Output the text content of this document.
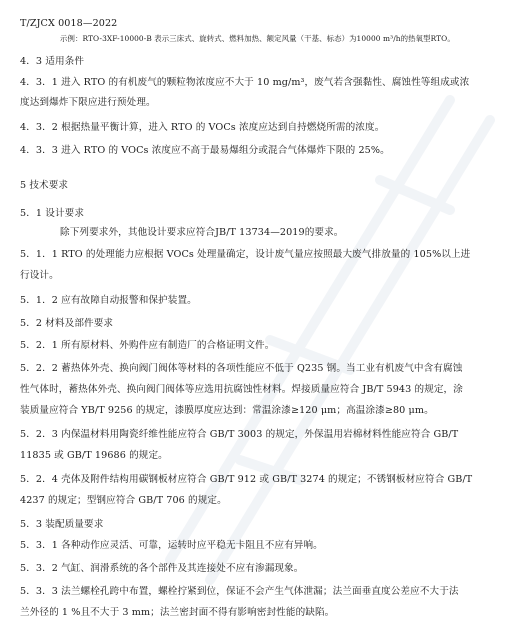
T/ZJCX 0018—2022
示例：RTO-3XF-10000-B 表示三床式、旋转式、燃料加热、额定风量（干基、标态）为10000 m³/h的热氧型RTO。
4．3 适用条件
4．3．1 进入 RTO 的有机废气的颗粒物浓度应不大于 10 mg/m³，废气若含强黏性、腐蚀性等组成或浓
度达到爆炸下限应进行预处理。
4．3．2 根据热量平衡计算，进入 RTO 的 VOCs 浓度应达到自持燃烧所需的浓度。
4．3．3 进入 RTO 的 VOCs 浓度应不高于最易爆组分或混合气体爆炸下限的 25%。
5 技术要求
5．1 设计要求
除下列要求外，其他设计要求应符合JB/T 13734—2019的要求。
5．1．1 RTO 的处理能力应根据 VOCs 处理量确定，设计废气量应按照最大废气排放量的 105%以上进
行设计。
5．1．2 应有故障自动报警和保护装置。
5．2 材料及部件要求
5．2．1 所有原材料、外购件应有制造厂的合格证明文件。
5．2．2 蓄热体外壳、换向阀门阀体等材料的各项性能应不低于 Q235 钢。当工业有机废气中含有腐蚀
性气体时，蓄热体外壳、换向阀门阀体等应选用抗腐蚀性材料。焊接质量应符合 JB/T 5943 的规定，涂
装质量应符合 YB/T 9256 的规定，漆膜厚度应达到：常温涂漆≥120 μm；高温涂漆≥80 μm。
5．2．3 内保温材料用陶瓷纤维性能应符合 GB/T 3003 的规定，外保温用岩棉材料性能应符合 GB/T
11835 或 GB/T 19686 的规定。
5．2．4 壳体及附件结构用碳钢板材应符合 GB/T 912 或 GB/T 3274 的规定；不锈钢板材应符合 GB/T
4237 的规定；型钢应符合 GB/T 706 的规定。
5．3 装配质量要求
5．3．1 各种动作应灵活、可靠，运转时应平稳无卡阻且不应有异响。
5．3．2 气缸、润滑系统的各个部件及其连接处不应有渗漏现象。
5．3．3 法兰螺栓孔跨中布置，螺栓拧紧到位，保证不会产生气体泄漏；法兰面垂直度公差应不大于法
兰外径的 1 %且不大于 3 mm；法兰密封面不得有影响密封性能的缺陷。
